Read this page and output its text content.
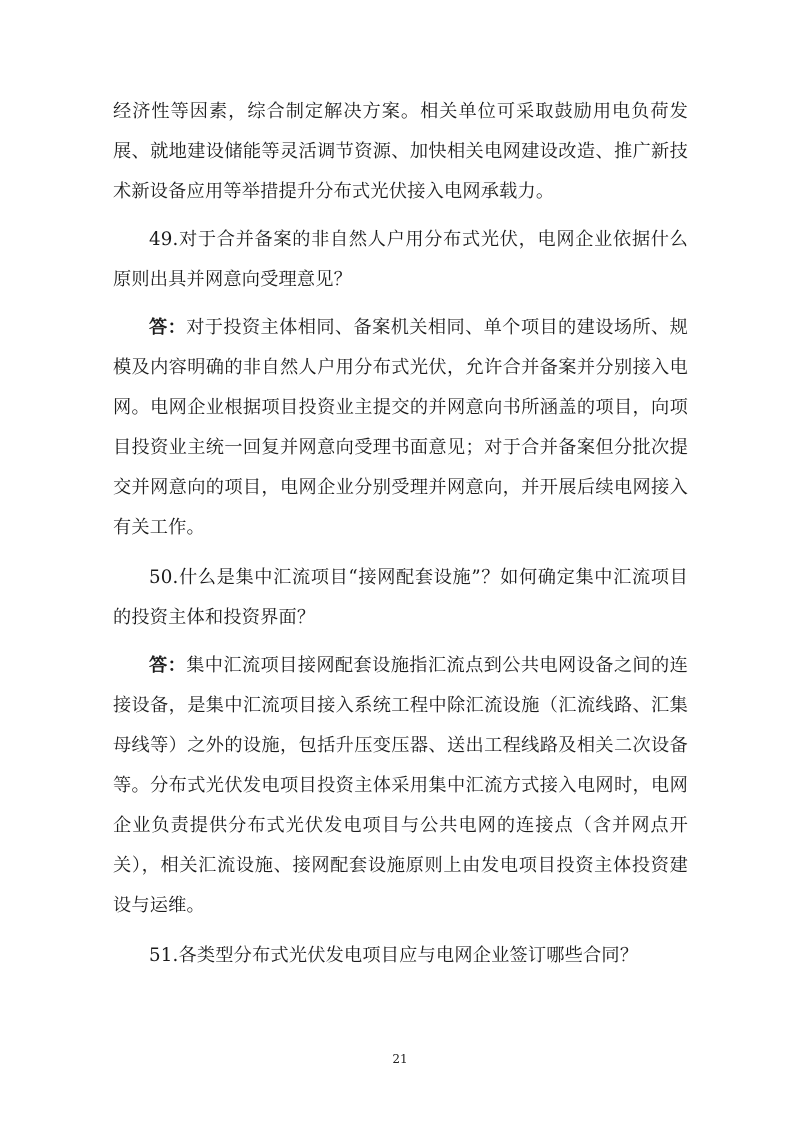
经济性等因素，综合制定解决方案。相关单位可采取鼓励用电负荷发展、就地建设储能等灵活调节资源、加快相关电网建设改造、推广新技术新设备应用等举措提升分布式光伏接入电网承载力。

49.对于合并备案的非自然人户用分布式光伏，电网企业依据什么原则出具并网意向受理意见？

答：对于投资主体相同、备案机关相同、单个项目的建设场所、规模及内容明确的非自然人户用分布式光伏，允许合并备案并分别接入电网。电网企业根据项目投资业主提交的并网意向书所涵盖的项目，向项目投资业主统一回复并网意向受理书面意见；对于合并备案但分批次提交并网意向的项目，电网企业分别受理并网意向，并开展后续电网接入有关工作。

50.什么是集中汇流项目“接网配套设施”？如何确定集中汇流项目的投资主体和投资界面？

答：集中汇流项目接网配套设施指汇流点到公共电网设备之间的连接设备，是集中汇流项目接入系统工程中除汇流设施（汇流线路、汇集母线等）之外的设施，包括升压变压器、送出工程线路及相关二次设备等。分布式光伏发电项目投资主体采用集中汇流方式接入电网时，电网企业负责提供分布式光伏发电项目与公共电网的连接点（含并网点开关），相关汇流设施、接网配套设施原则上由发电项目投资主体投资建设与运维。

51.各类型分布式光伏发电项目应与电网企业签订哪些合同？

21
